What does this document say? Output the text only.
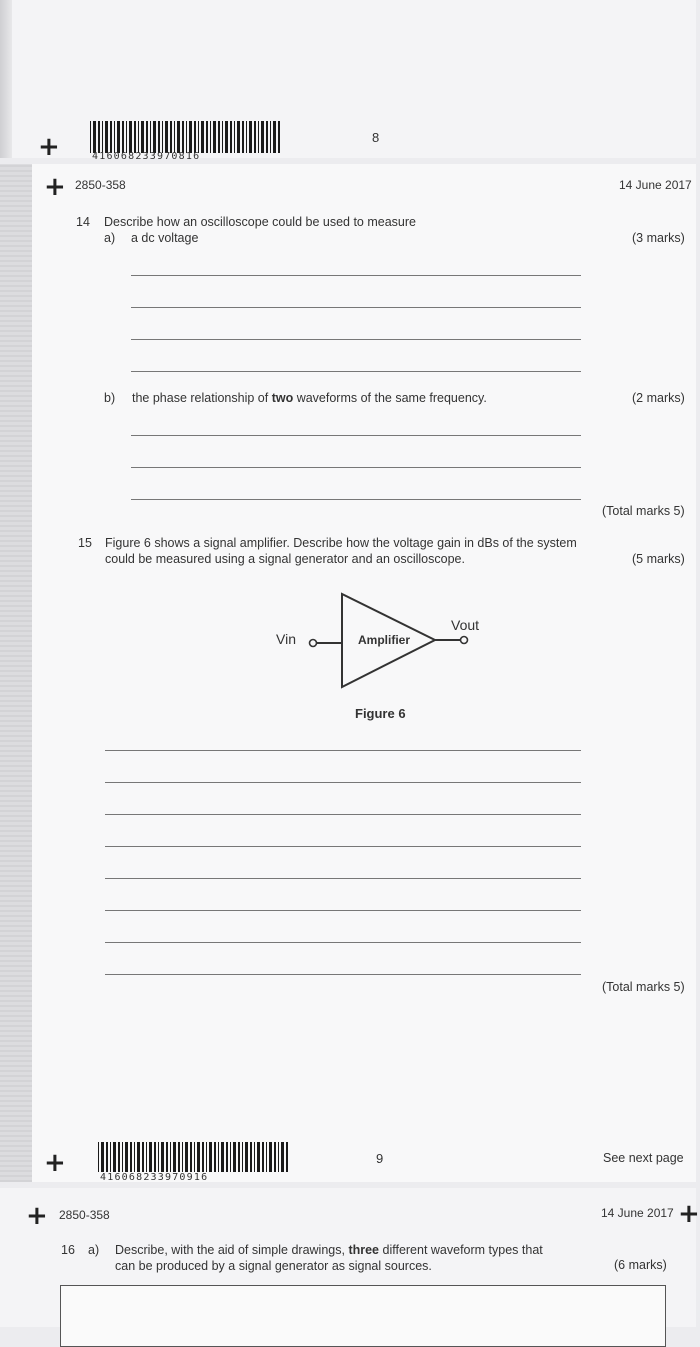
+	416068233970816
8
+ 2850-358	14 June 2017
14 Describe how an oscilloscope could be used to measure
a) a dc voltage	(3 marks)
b) the phase relationship of two waveforms of the same frequency.	(2 marks)
(Total marks 5)
15 Figure 6 shows a signal amplifier. Describe how the voltage gain in dBs of the system
could be measured using a signal generator and an oscilloscope.	(5 marks)
Vin
Vout
Amplifier
Figure 6
(Total marks 5)
+	416068233970916
9	See next page
+ 2850-358	14 June 2017 +
16 a) Describe, with the aid of simple drawings, three different waveform types that
can be produced by a signal generator as signal sources.	(6 marks)
